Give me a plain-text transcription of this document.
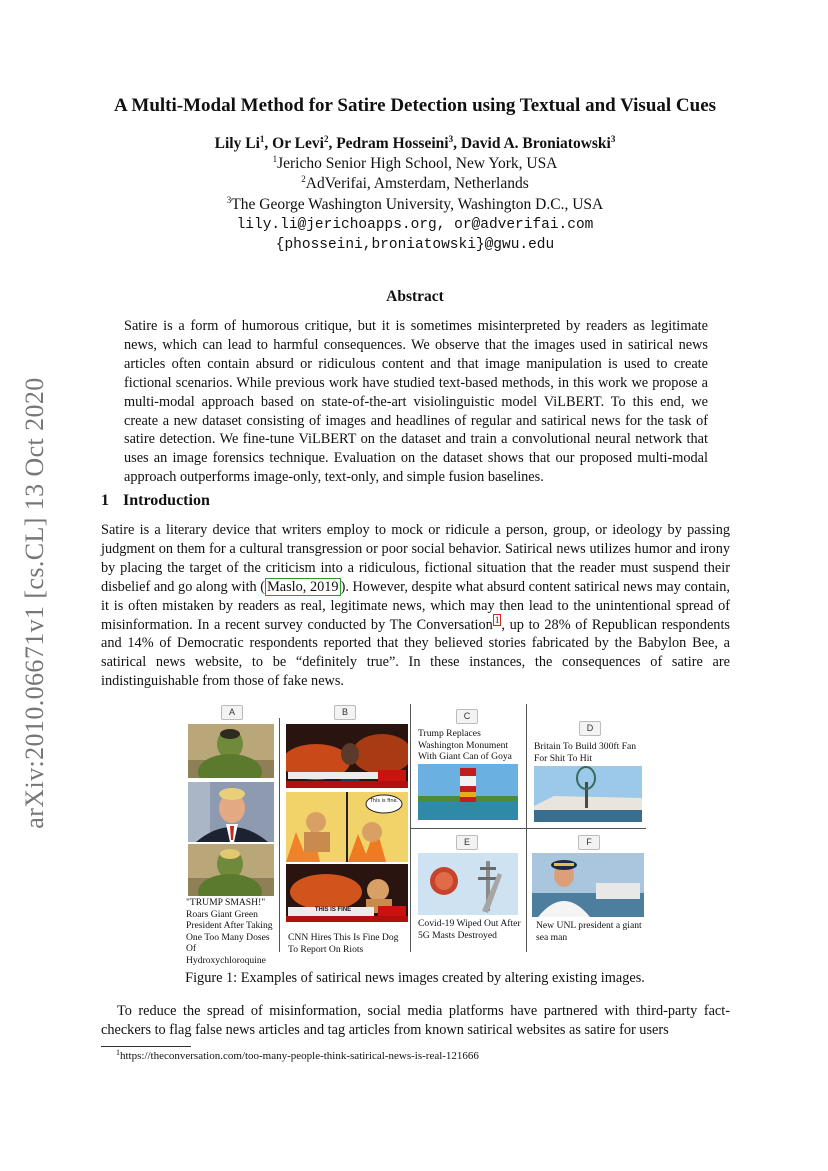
arXiv:2010.06671v1 [cs.CL] 13 Oct 2020
A Multi-Modal Method for Satire Detection using Textual and Visual Cues
Lily Li$^1$, Or Levi$^2$, Pedram Hosseini$^3$, David A. Broniatowski$^3$
$^1$Jericho Senior High School, New York, USA
$^2$AdVerifai, Amsterdam, Netherlands
$^3$The George Washington University, Washington D.C., USA
lily.li@jerichoapps.org, or@adverifai.com
{phosseini,broniatowski}@gwu.edu
Abstract
Satire is a form of humorous critique, but it is sometimes misinterpreted by readers as legitimate news, which can lead to harmful consequences. We observe that the images used in satirical news articles often contain absurd or ridiculous content and that image manipulation is used to create fictional scenarios. While previous work have studied text-based methods, in this work we propose a multi-modal approach based on state-of-the-art visiolinguistic model ViLBERT. To this end, we create a new dataset consisting of images and headlines of regular and satirical news for the task of satire detection. We fine-tune ViLBERT on the dataset and train a convolutional neural network that uses an image forensics technique. Evaluation on the dataset shows that our proposed multi-modal approach outperforms image-only, text-only, and simple fusion baselines.
1 Introduction
Satire is a literary device that writers employ to mock or ridicule a person, group, or ideology by passing judgment on them for a cultural transgression or poor social behavior. Satirical news utilizes humor and irony by placing the target of the criticism into a ridiculous, fictional situation that the reader must suspend their disbelief and go along with ( Maslo, 2019 ). However, despite what absurd content satirical news may contain, it is often mistaken by readers as real, legitimate news, which may then lead to the unintentional spread of misinformation. In a recent survey conducted by The Conversation $^1$ , up to 28% of Republican respondents and 14% of Democratic respondents reported that they believed stories fabricated by the Babylon Bee, a satirical news website, to be “definitely true”. In these instances, the consequences of satire are indistinguishable from those of fake news.
A
"TRUMP SMASH!" Roars Giant Green President After Taking One Too Many Doses Of Hydroxychloroquine
B
THIS IS FINE
This is fine.
CNN Hires This Is Fine Dog To Report On Riots
C
Trump Replaces Washington Monument With Giant Can of Goya
D
Britain To Build 300ft Fan For Shit To Hit
E
Covid-19 Wiped Out After 5G Masts Destroyed
F
New UNL president a giant sea man
Figure 1: Examples of satirical news images created by altering existing images.
To reduce the spread of misinformation, social media platforms have partnered with third-party fact-checkers to flag false news articles and tag articles from known satirical websites as satire for users
$^1$https://theconversation.com/too-many-people-think-satirical-news-is-real-121666
